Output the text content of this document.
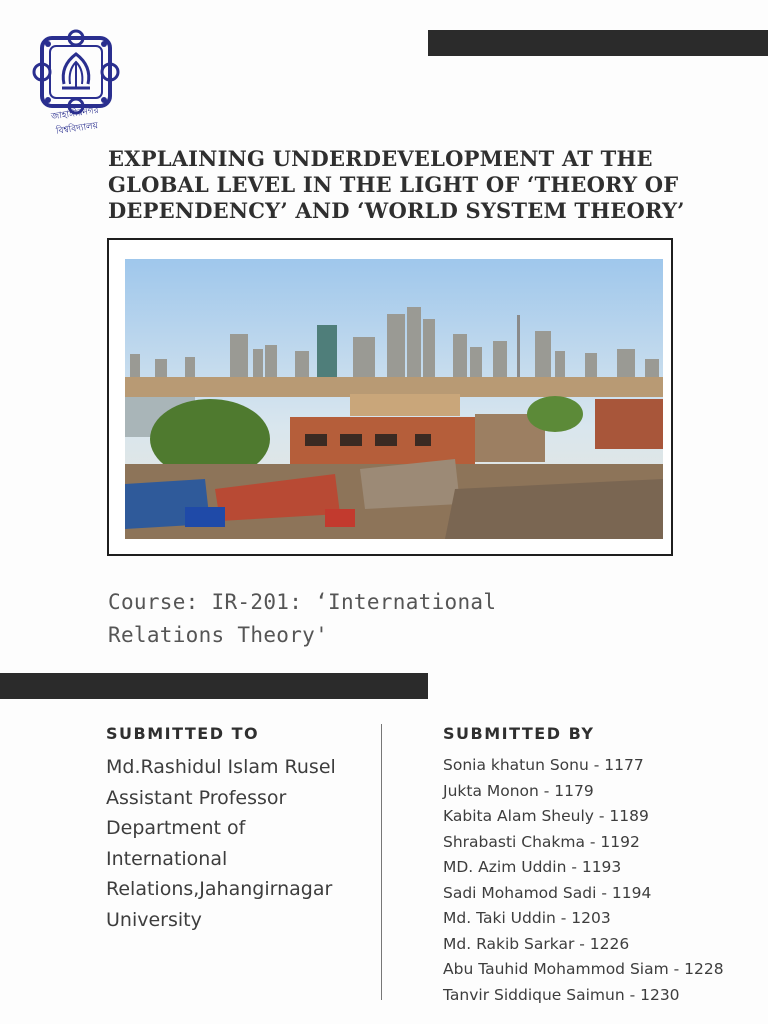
জাহাঙ্গীরনগর বিশ্ববিদ্যালয়
EXPLAINING UNDERDEVELOPMENT AT THE
GLOBAL LEVEL IN THE LIGHT OF ‘THEORY OF
DEPENDENCY’ AND ‘WORLD SYSTEM THEORY’
Course: IR-201: ‘International
Relations Theory'
SUBMITTED TO
Md.Rashidul Islam Rusel
Assistant Professor
Department of
International
Relations,Jahangirnagar
University
SUBMITTED BY
Sonia khatun Sonu - 1177
Jukta Monon - 1179
Kabita Alam Sheuly - 1189
Shrabasti Chakma - 1192
MD. Azim Uddin - 1193
Sadi Mohamod Sadi - 1194
Md. Taki Uddin - 1203
Md. Rakib Sarkar - 1226
Abu Tauhid Mohammod Siam - 1228
Tanvir Siddique Saimun - 1230
